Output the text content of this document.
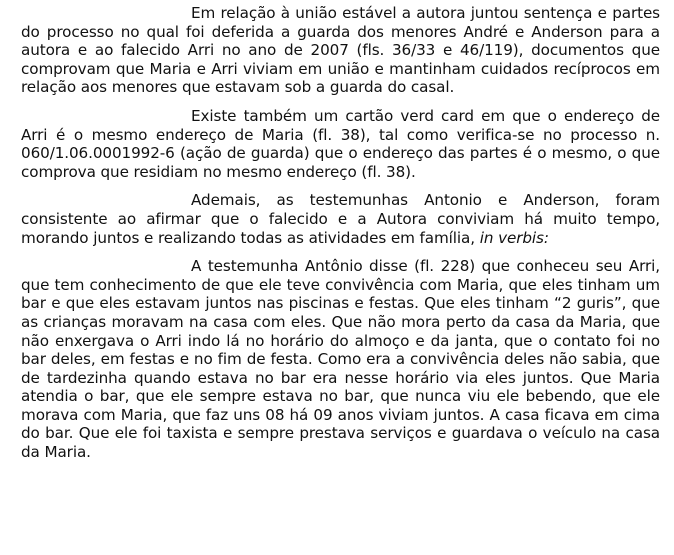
Em relação à união estável a autora juntou sentença e partes do processo no qual foi deferida a guarda dos menores André e Anderson para a autora e ao falecido Arri no ano de 2007 (fls. 36/33 e 46/119), documentos que comprovam que Maria e Arri viviam em união e mantinham cuidados recíprocos em relação aos menores que estavam sob a guarda do casal.

Existe também um cartão verd card em que o endereço de Arri é o mesmo endereço de Maria (fl. 38), tal como verifica-se no processo n. 060/1.06.0001992-6 (ação de guarda) que o endereço das partes é o mesmo, o que comprova que residiam no mesmo endereço (fl. 38).

Ademais, as testemunhas Antonio e Anderson, foram consistente ao afirmar que o falecido e a Autora conviviam há muito tempo, morando juntos e realizando todas as atividades em família, in verbis:

A testemunha Antônio disse (fl. 228) que conheceu seu Arri, que tem conhecimento de que ele teve convivência com Maria, que eles tinham um bar e que eles estavam juntos nas piscinas e festas. Que eles tinham “2 guris”, que as crianças moravam na casa com eles. Que não mora perto da casa da Maria, que não enxergava o Arri indo lá no horário do almoço e da janta, que o contato foi no bar deles, em festas e no fim de festa. Como era a convivência deles não sabia, que de tardezinha quando estava no bar era nesse horário via eles juntos. Que Maria atendia o bar, que ele sempre estava no bar, que nunca viu ele bebendo, que ele morava com Maria, que faz uns 08 há 09 anos viviam juntos. A casa ficava em cima do bar. Que ele foi taxista e sempre prestava serviços e guardava o veículo na casa da Maria.
